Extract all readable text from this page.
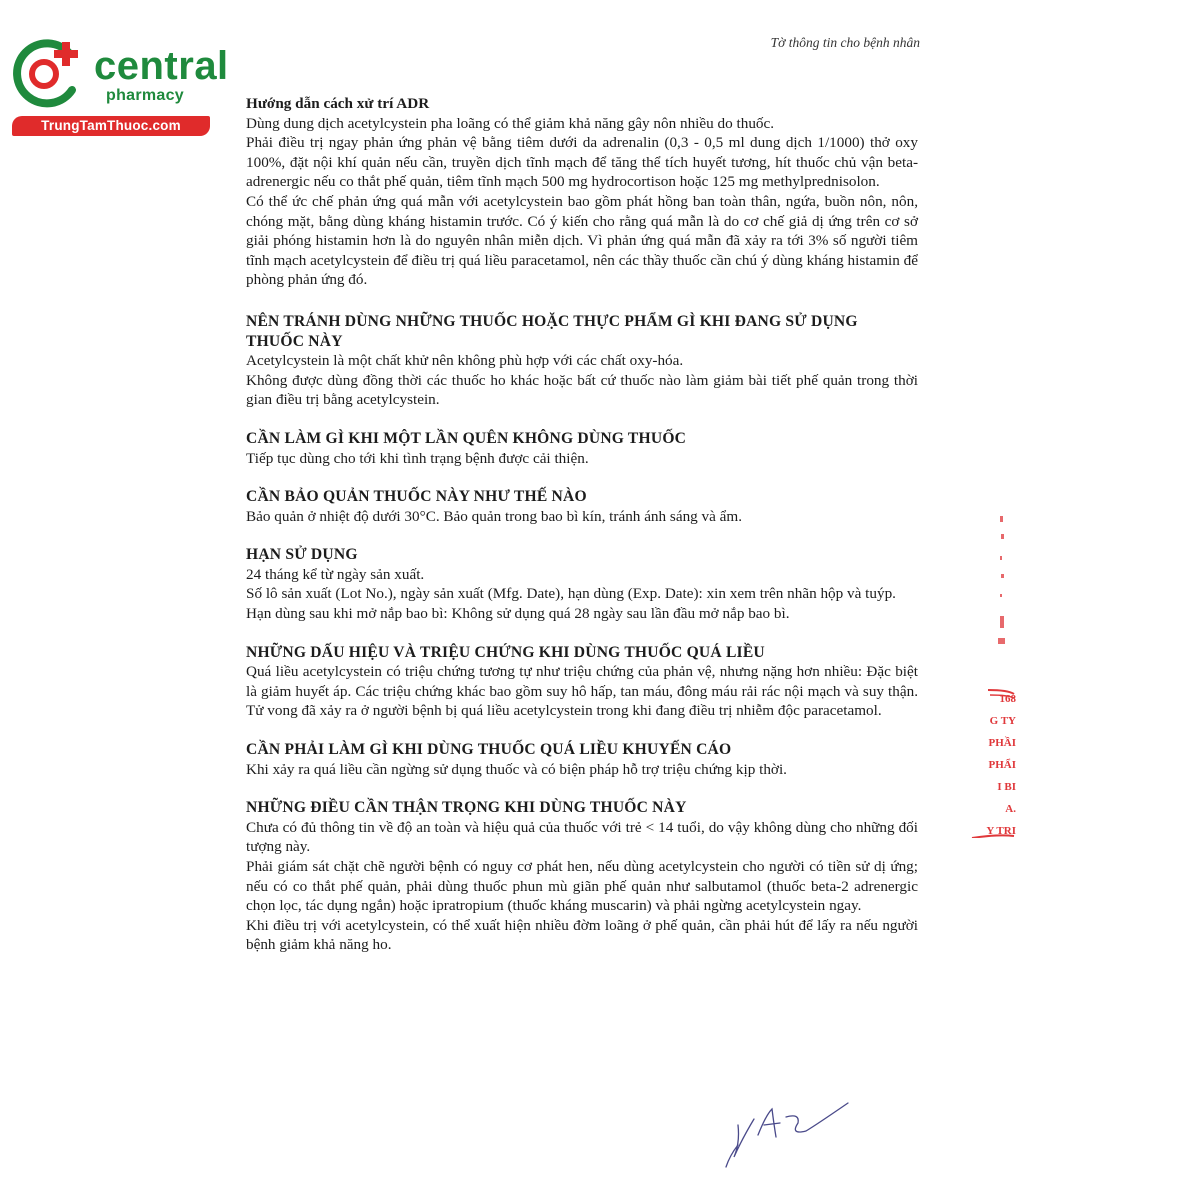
central
pharmacy
TrungTamThuoc.com
Tờ thông tin cho bệnh nhân

Hướng dẫn cách xử trí ADR

Dùng dung dịch acetylcystein pha loãng có thể giảm khả năng gây nôn nhiều do thuốc.

Phải điều trị ngay phản ứng phản vệ bằng tiêm dưới da adrenalin (0,3 - 0,5 ml dung dịch 1/1000) thở oxy 100%, đặt nội khí quản nếu cần, truyền dịch tĩnh mạch để tăng thể tích huyết tương, hít thuốc chủ vận beta-adrenergic nếu co thắt phế quản, tiêm tĩnh mạch 500 mg hydrocortison hoặc 125 mg methylprednisolon.

Có thể ức chế phản ứng quá mẫn với acetylcystein bao gồm phát hồng ban toàn thân, ngứa, buồn nôn, nôn, chóng mặt, bằng dùng kháng histamin trước. Có ý kiến cho rằng quá mẫn là do cơ chế giả dị ứng trên cơ sở giải phóng histamin hơn là do nguyên nhân miễn dịch. Vì phản ứng quá mẫn đã xảy ra tới 3% số người tiêm tĩnh mạch acetylcystein để điều trị quá liều paracetamol, nên các thầy thuốc cần chú ý dùng kháng histamin để phòng phản ứng đó.

NÊN TRÁNH DÙNG NHỮNG THUỐC HOẶC THỰC PHẨM GÌ KHI ĐANG SỬ DỤNG THUỐC NÀY

Acetylcystein là một chất khử nên không phù hợp với các chất oxy-hóa.

Không được dùng đồng thời các thuốc ho khác hoặc bất cứ thuốc nào làm giảm bài tiết phế quản trong thời gian điều trị bằng acetylcystein.

CẦN LÀM GÌ KHI MỘT LẦN QUÊN KHÔNG DÙNG THUỐC

Tiếp tục dùng cho tới khi tình trạng bệnh được cải thiện.

CẦN BẢO QUẢN THUỐC NÀY NHƯ THẾ NÀO

Bảo quản ở nhiệt độ dưới 30°C. Bảo quản trong bao bì kín, tránh ánh sáng và ẩm.

HẠN SỬ DỤNG

24 tháng kể từ ngày sản xuất.

Số lô sản xuất (Lot No.), ngày sản xuất (Mfg. Date), hạn dùng (Exp. Date): xin xem trên nhãn hộp và tuýp.

Hạn dùng sau khi mở nắp bao bì: Không sử dụng quá 28 ngày sau lần đầu mở nắp bao bì.

NHỮNG DẤU HIỆU VÀ TRIỆU CHỨNG KHI DÙNG THUỐC QUÁ LIỀU

Quá liều acetylcystein có triệu chứng tương tự như triệu chứng của phản vệ, nhưng nặng hơn nhiều: Đặc biệt là giảm huyết áp. Các triệu chứng khác bao gồm suy hô hấp, tan máu, đông máu rải rác nội mạch và suy thận. Tử vong đã xảy ra ở người bệnh bị quá liều acetylcystein trong khi đang điều trị nhiễm độc paracetamol.

CẦN PHẢI LÀM GÌ KHI DÙNG THUỐC QUÁ LIỀU KHUYẾN CÁO

Khi xảy ra quá liều cần ngừng sử dụng thuốc và có biện pháp hỗ trợ triệu chứng kịp thời.

NHỮNG ĐIỀU CẦN THẬN TRỌNG KHI DÙNG THUỐC NÀY

Chưa có đủ thông tin về độ an toàn và hiệu quả của thuốc với trẻ < 14 tuổi, do vậy không dùng cho những đối tượng này.

Phải giám sát chặt chẽ người bệnh có nguy cơ phát hen, nếu dùng acetylcystein cho người có tiền sử dị ứng; nếu có co thắt phế quản, phải dùng thuốc phun mù giãn phế quản như salbutamol (thuốc beta-2 adrenergic chọn lọc, tác dụng ngắn) hoặc ipratropium (thuốc kháng muscarin) và phải ngừng acetylcystein ngay.

Khi điều trị với acetylcystein, có thể xuất hiện nhiều đờm loãng ở phế quản, cần phải hút để lấy ra nếu người bệnh giảm khả năng ho.

168
G TY
PHẦI
PHẨI
I BI
A.
Y TRI
